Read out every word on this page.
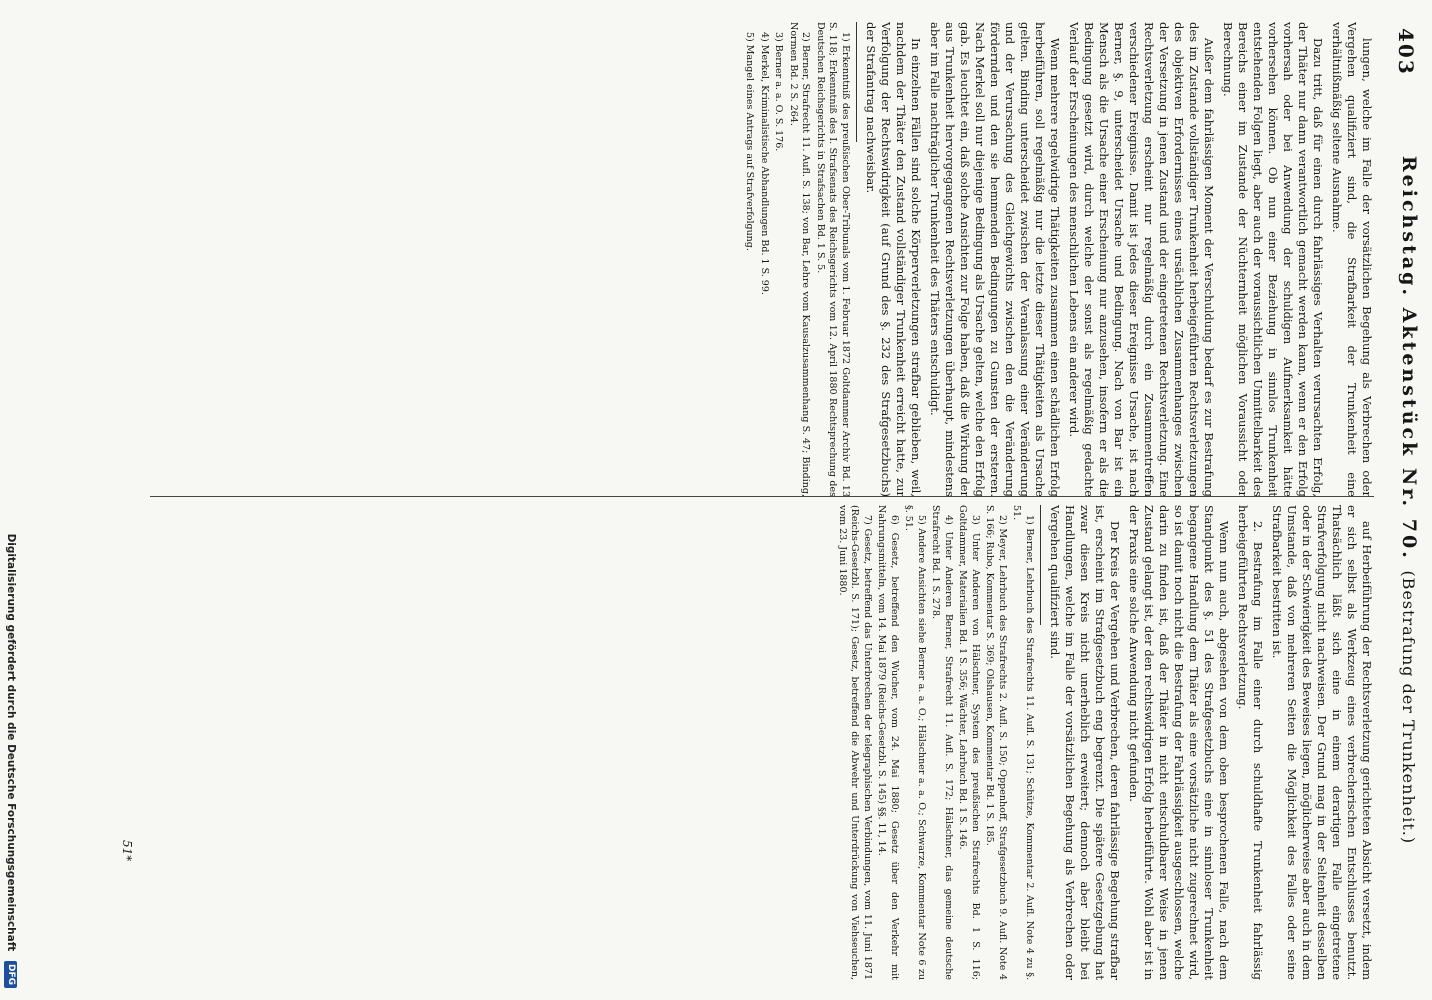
403
Reichstag. Aktenstück Nr. 70. (Bestrafung der Trunkenheit.)

lungen, welche im Falle der vorsätzlichen Begehung als Verbrechen oder Vergehen qualifiziert sind, die Strafbarkeit der Trunkenheit eine verhältnißmäßig seltene Ausnahme.

Dazu tritt, daß für einen durch fahrlässiges Verhalten verursachten Erfolg, der Thäter nur dann verantwortlich gemacht werden kann, wenn er den Erfolg vorhersah oder bei Anwendung der schuldigen Aufmerksamkeit hätte vorhersehen können. Ob nun einer Beziehung in sinnlos Trunkenheit entstehenden Folgen liegt, aber auch der voraussichtlichen Unmittelbarkeit des Bereichs einer im Zustande der Nüchternheit möglichen Voraussicht oder Berechnung.

Außer dem fahrlässigen Moment der Verschuldung bedarf es zur Bestrafung des im Zustande vollständiger Trunkenheit herbeigeführten Rechtsverletzungen des objektiven Erfordernisses eines ursächlichen Zusammenhanges zwischen der Versetzung in jenen Zustand und der eingetretenen Rechtsverletzung. Eine Rechtsverletzung erscheint nur regelmäßig durch ein Zusammentreffen verschiedener Ereignisse. Damit ist jedes dieser Ereignisse Ursache, ist nach Berner, §. 9, unterscheidet Ursache und Bedingung. Nach von Bar ist ein Mensch als die Ursache einer Erscheinung nur anzusehen, insofern er als die Bedingung gesetzt wird, durch welche der sonst als regelmäßig gedachte Verlauf der Erscheinungen des menschlichen Lebens ein anderer wird.

Wenn mehrere regelwidrige Thätigkeiten zusammen einen schädlichen Erfolg herbeiführen, soll regelmäßig nur die letzte dieser Thätigkeiten als Ursache gelten. Binding unterscheidet zwischen der Veranlassung einer Veränderung und der Verursachung des Gleichgewichts zwischen den die Veränderung fördernden und den sie hemmenden Bedingungen zu Gunsten der ersteren. Nach Merkel soll nur diejenige Bedingung als Ursache gelten, welche den Erfolg gab. Es leuchtet ein, daß solche Ansichten zur Folge haben, daß die Wirkung der aus Trunkenheit hervorgegangenen Rechtsverletzungen überhaupt, mindestens aber im Falle nachträglicher Trunkenheit des Thäters entschuldigt.

In einzelnen Fällen sind solche Körperverletzungen strafbar geblieben, weil, nachdem der Thäter den Zustand vollständiger Trunkenheit erreicht hatte, zur Verfolgung der Rechtswidrigkeit (auf Grund des §. 232 des Strafgesetzbuchs) der Strafantrag nachweisbar.

1) Erkenntniß des preußischen Ober-Tribunals vom 1. Februar 1872 Goltdammer Archiv Bd. 13 S. 118; Erkenntniß des I. Strafsenats des Reichsgerichts vom 12. April 1880 Rechtsprechung des Deutschen Reichsgerichts in Strafsachen Bd. 1 S. 5.

2) Berner, Strafrecht 11. Aufl. S. 138; von Bar, Lehre vom Kausalzusammenhang S. 47; Binding, Normen Bd. 2 S. 264.

3) Berner a. a. O. S. 176.

4) Merkel, Kriminalistische Abhandlungen Bd. 1 S. 99.

5) Mangel eines Antrags auf Strafverfolgung.

auf Herbeiführung der Rechtsverletzung gerichteten Absicht versetzt, indem er sich selbst als Werkzeug eines verbrecherischen Entschlusses benutzt. Thatsächlich läßt sich eine in einem derartigen Falle eingetretene Strafverfolgung nicht nachweisen. Der Grund mag in der Seltenheit desselben oder in der Schwierigkeit des Beweises liegen, möglicherweise aber auch in dem Umstande, daß von mehreren Seiten die Möglichkeit des Falles oder seine Strafbarkeit bestritten ist.

2. Bestrafung im Falle einer durch schuldhafte Trunkenheit fahrlässig herbeigeführten Rechtsverletzung.

Wenn nun auch, abgesehen von dem oben besprochenen Falle, nach dem Standpunkt des §. 51 des Strafgesetzbuchs eine in sinnloser Trunkenheit begangene Handlung dem Thäter als eine vorsätzliche nicht zugerechnet wird, so ist damit noch nicht die Bestrafung der Fahrlässigkeit ausgeschlossen, welche darin zu finden ist, daß der Thäter in nicht entschuldbarer Weise in jenen Zustand gelangt ist, der den rechtswidrigen Erfolg herbeiführte. Wohl aber ist in der Praxis eine solche Anwendung nicht gefunden.

Der Kreis der Vergehen und Verbrechen, deren fahrlässige Begehung strafbar ist, erscheint im Strafgesetzbuch eng begrenzt. Die spätere Gesetzgebung hat zwar diesen Kreis nicht unerheblich erweitert; dennoch aber bleibt bei Handlungen, welche im Falle der vorsätzlichen Begehung als Verbrechen oder Vergehen qualifiziert sind.

1) Berner, Lehrbuch des Strafrechts 11. Aufl. S. 131; Schütze, Kommentar 2. Aufl. Note 4 zu §. 51.

2) Meyer, Lehrbuch des Strafrechts 2. Aufl. S. 150; Oppenhoff, Strafgesetzbuch 9. Aufl. Note 4 S. 166; Rubo, Kommentar S. 369; Olshausen, Kommentar Bd. 1 S. 185.

3) Unter Anderen von Hälschner, System des preußischen Strafrechts Bd. 1 S. 116; Goltdammer, Materialien Bd. 1 S. 356; Wächter, Lehrbuch Bd. 1 S. 146.

4) Unter Anderen Berner, Strafrecht 11. Aufl. S. 172; Hälschner, das gemeine deutsche Strafrecht Bd. 1 S. 278.

5) Andere Ansichten siehe Berner a. a. O.; Hälschner a. a. O.; Schwarze, Kommentar Note 6 zu §. 51.

6) Gesetz, betreffend den Wucher, vom 24. Mai 1880; Gesetz über den Verkehr mit Nahrungsmitteln, vom 14. Mai 1879 (Reichs-Gesetzbl. S. 145) §§. 11, 14.

7) Gesetz, betreffend das Unterbrechen der telegraphischen Verbindungen, vom 11. Juni 1871 (Reichs-Gesetzbl. S. 171); Gesetz, betreffend die Abwehr und Unterdrückung von Viehseuchen, vom 23. Juni 1880.

51*
Digitalisierung gefördert durch die Deutsche Forschungsgemeinschaft DFG
